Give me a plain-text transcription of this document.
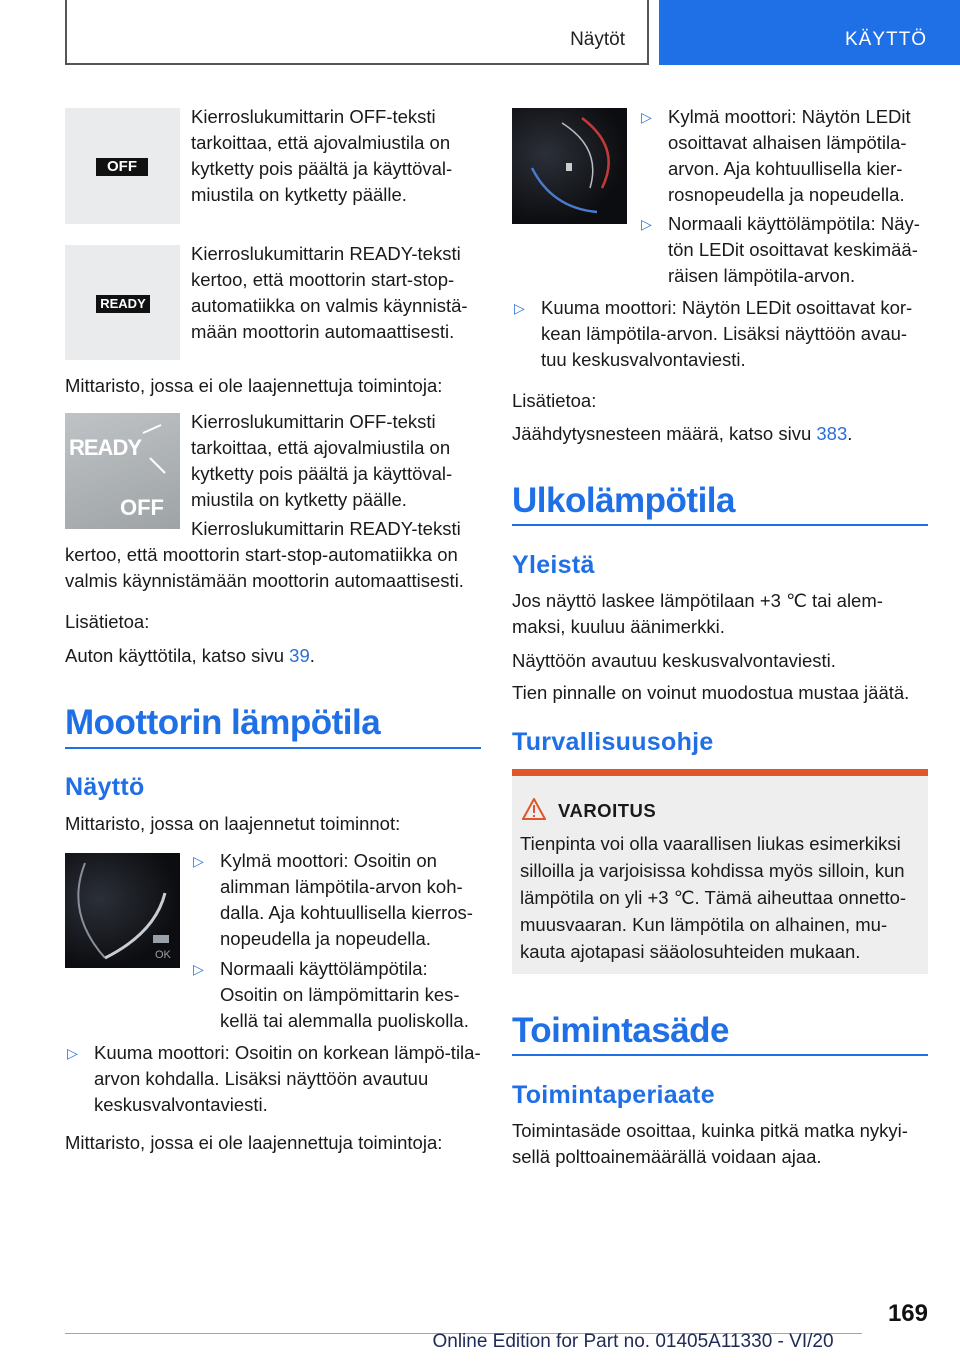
Näytöt	KÄYTTÖ
OFF
Kierroslukumittarin OFF-teksti tarkoittaa, että ajovalmiustila on kytketty pois päältä ja käyttöval-miustila on kytketty päälle.
READY
Kierroslukumittarin READY-teksti kertoo, että moottorin start-stop-automatiikka on valmis käynnistä-mään moottorin automaattisesti.
Mittaristo, jossa ei ole laajennettuja toimintoja:
READY
OFF
Kierroslukumittarin OFF-teksti tarkoittaa, että ajovalmiustila on kytketty pois päältä ja käyttöval-miustila on kytketty päälle.
Kierroslukumittarin READY-teksti
kertoo, että moottorin start-stop-automatiikka on valmis käynnistämään moottorin automaattisesti.
Lisätietoa:
Auton käyttötila, katso sivu 39.
Moottorin lämpötila
Näyttö
Mittaristo, jossa on laajennetut toiminnot:
OK
▷ Kylmä moottori: Osoitin on alimman lämpötila-arvon koh-dalla. Aja kohtuullisella kierros-nopeudella ja nopeudella.
▷ Normaali käyttölämpötila: Osoitin on lämpömittarin kes-kellä tai alemmalla puoliskolla.
▷ Kuuma moottori: Osoitin on korkean lämpö-tila-arvon kohdalla. Lisäksi näyttöön avautuu keskusvalvontaviesti.
Mittaristo, jossa ei ole laajennettuja toimintoja:
▷ Kylmä moottori: Näytön LEDit osoittavat alhaisen lämpötila-arvon. Aja kohtuullisella kier-rosnopeudella ja nopeudella.
▷ Normaali käyttölämpötila: Näy-tön LEDit osoittavat keskimää-räisen lämpötila-arvon.
▷ Kuuma moottori: Näytön LEDit osoittavat kor-kean lämpötila-arvon. Lisäksi näyttöön avau-tuu keskusvalvontaviesti.
Lisätietoa:
Jäähdytysnesteen määrä, katso sivu 383.
Ulkolämpötila
Yleistä
Jos näyttö laskee lämpötilaan +3 ℃ tai alem-maksi, kuuluu äänimerkki.
Näyttöön avautuu keskusvalvontaviesti.
Tien pinnalle on voinut muodostua mustaa jäätä.
Turvallisuusohje
VAROITUS
Tienpinta voi olla vaarallisen liukas esimerkiksi silloilla ja varjoisissa kohdissa myös silloin, kun lämpötila on yli +3 ℃. Tämä aiheuttaa onnetto-muusvaaran. Kun lämpötila on alhainen, mu-kauta ajotapasi sääolosuhteiden mukaan.
Toimintasäde
Toimintaperiaate
Toimintasäde osoittaa, kuinka pitkä matka nykyi-sellä polttoainemäärällä voidaan ajaa.
169
Online Edition for Part no. 01405A11330 - VI/20
